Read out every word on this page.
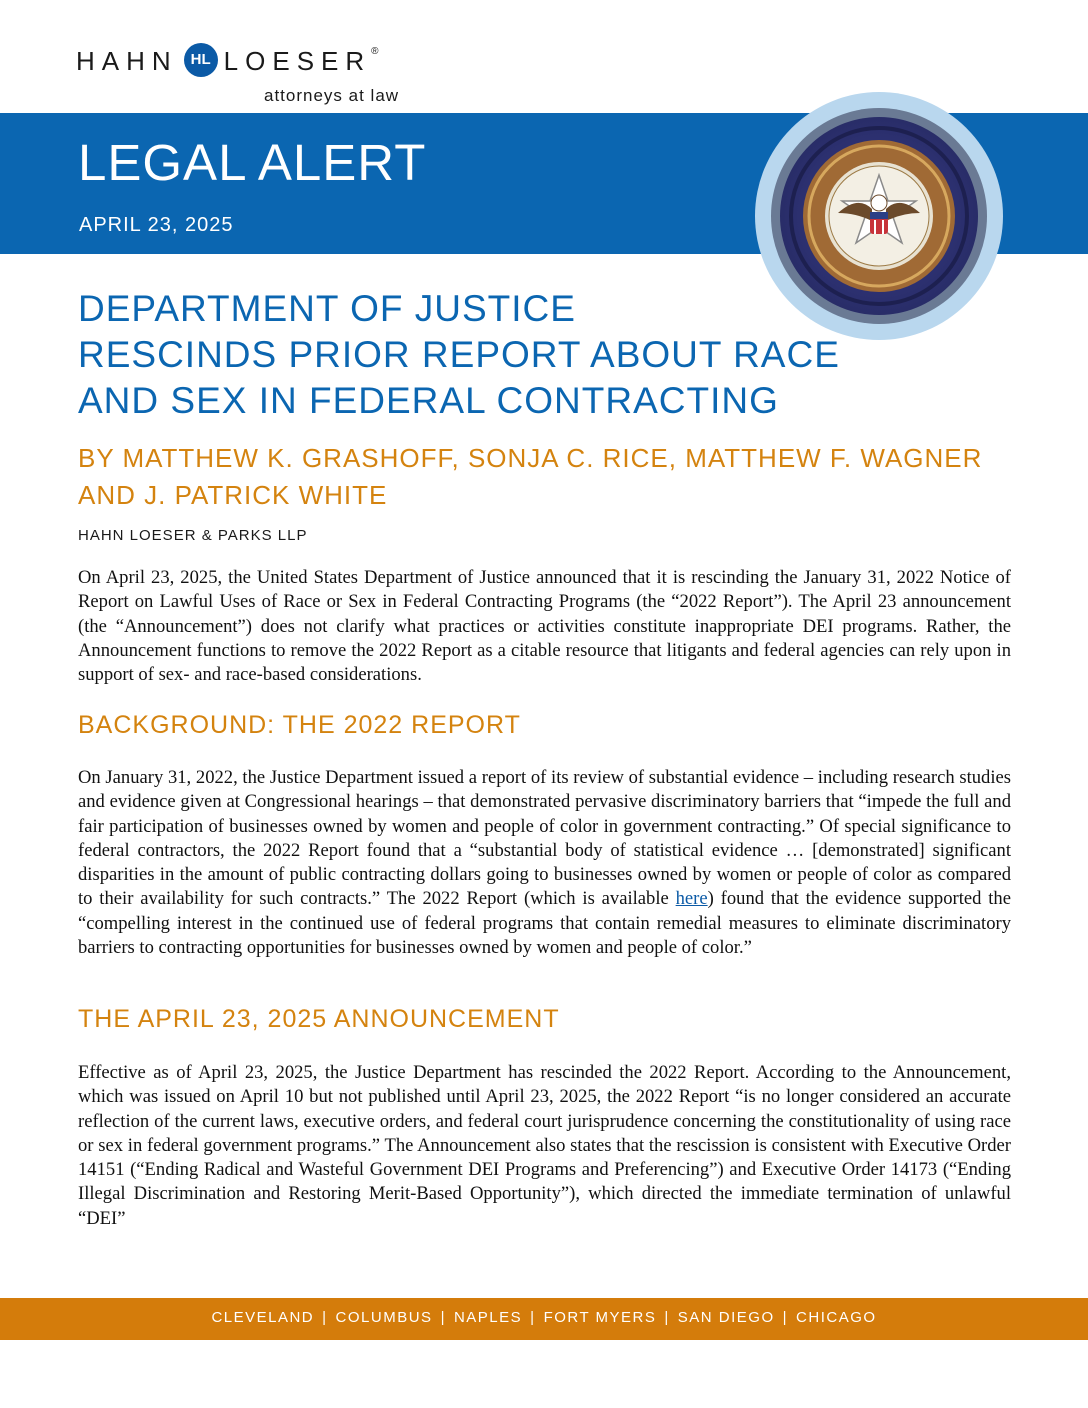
HAHN HL LOESER®
attorneys at law
LEGAL ALERT
APRIL 23, 2025
DEPARTMENT OF JUSTICE
RESCINDS PRIOR REPORT ABOUT RACE
AND SEX IN FEDERAL CONTRACTING
BY MATTHEW K. GRASHOFF, SONJA C. RICE, MATTHEW F. WAGNER AND J. PATRICK WHITE
HAHN LOESER & PARKS LLP
On April 23, 2025, the United States Department of Justice announced that it is rescinding the January 31, 2022 Notice of Report on Lawful Uses of Race or Sex in Federal Contracting Programs (the “2022 Report”). The April 23 announcement (the “Announcement”) does not clarify what practices or activities constitute inappropriate DEI programs. Rather, the Announcement functions to remove the 2022 Report as a citable resource that litigants and federal agencies can rely upon in support of sex- and race-based considerations.
BACKGROUND: THE 2022 REPORT
On January 31, 2022, the Justice Department issued a report of its review of substantial evidence – including research studies and evidence given at Congressional hearings – that demonstrated pervasive discriminatory barriers that “impede the full and fair participation of businesses owned by women and people of color in government contracting.” Of special significance to federal contractors, the 2022 Report found that a “substantial body of statistical evidence … [demonstrated] significant disparities in the amount of public contracting dollars going to businesses owned by women or people of color as compared to their availability for such contracts.” The 2022 Report (which is available here) found that the evidence supported the “compelling interest in the continued use of federal programs that contain remedial measures to eliminate discriminatory barriers to contracting opportunities for businesses owned by women and people of color.”
THE APRIL 23, 2025 ANNOUNCEMENT
Effective as of April 23, 2025, the Justice Department has rescinded the 2022 Report. According to the Announcement, which was issued on April 10 but not published until April 23, 2025, the 2022 Report “is no longer considered an accurate reflection of the current laws, executive orders, and federal court jurisprudence concerning the constitutionality of using race or sex in federal government programs.” The Announcement also states that the rescission is consistent with Executive Order 14151 (“Ending Radical and Wasteful Government DEI Programs and Preferencing”) and Executive Order 14173 (“Ending Illegal Discrimination and Restoring Merit-Based Opportunity”), which directed the immediate termination of unlawful “DEI”
CLEVELAND | COLUMBUS | NAPLES | FORT MYERS | SAN DIEGO | CHICAGO
